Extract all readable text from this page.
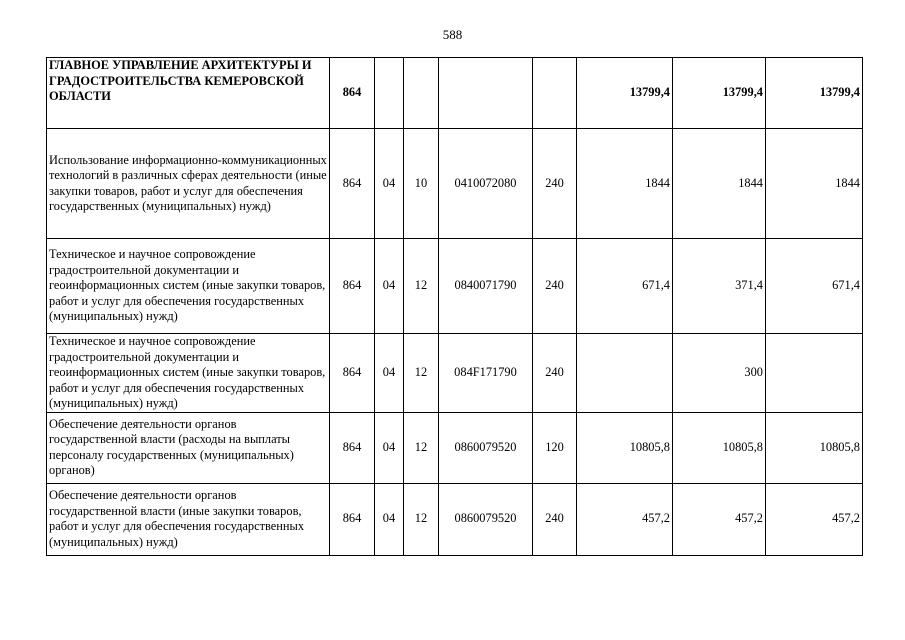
588
ГЛАВНОЕ УПРАВЛЕНИЕ АРХИТЕКТУРЫ И ГРАДОСТРОИТЕЛЬСТВА КЕМЕРОВСКОЙ ОБЛАСТИ	864					13799,4	13799,4	13799,4
Использование информационно-коммуникационных технологий в различных сферах деятельности (иные закупки товаров, работ и услуг для обеспечения государственных (муниципальных) нужд)	864	04	10	0410072080	240	1844	1844	1844
Техническое и научное сопровождение градостроительной документации и геоинформационных систем (иные закупки товаров, работ и услуг для обеспечения государственных (муниципальных) нужд)	864	04	12	0840071790	240	671,4	371,4	671,4
Техническое и научное сопровождение градостроительной документации и геоинформационных систем (иные закупки товаров, работ и услуг для обеспечения государственных (муниципальных) нужд)	864	04	12	084F171790	240		300	
Обеспечение деятельности органов государственной власти (расходы на выплаты персоналу государственных (муниципальных) органов)	864	04	12	0860079520	120	10805,8	10805,8	10805,8
Обеспечение деятельности органов государственной власти (иные закупки товаров, работ и услуг для обеспечения государственных (муниципальных) нужд)	864	04	12	0860079520	240	457,2	457,2	457,2
